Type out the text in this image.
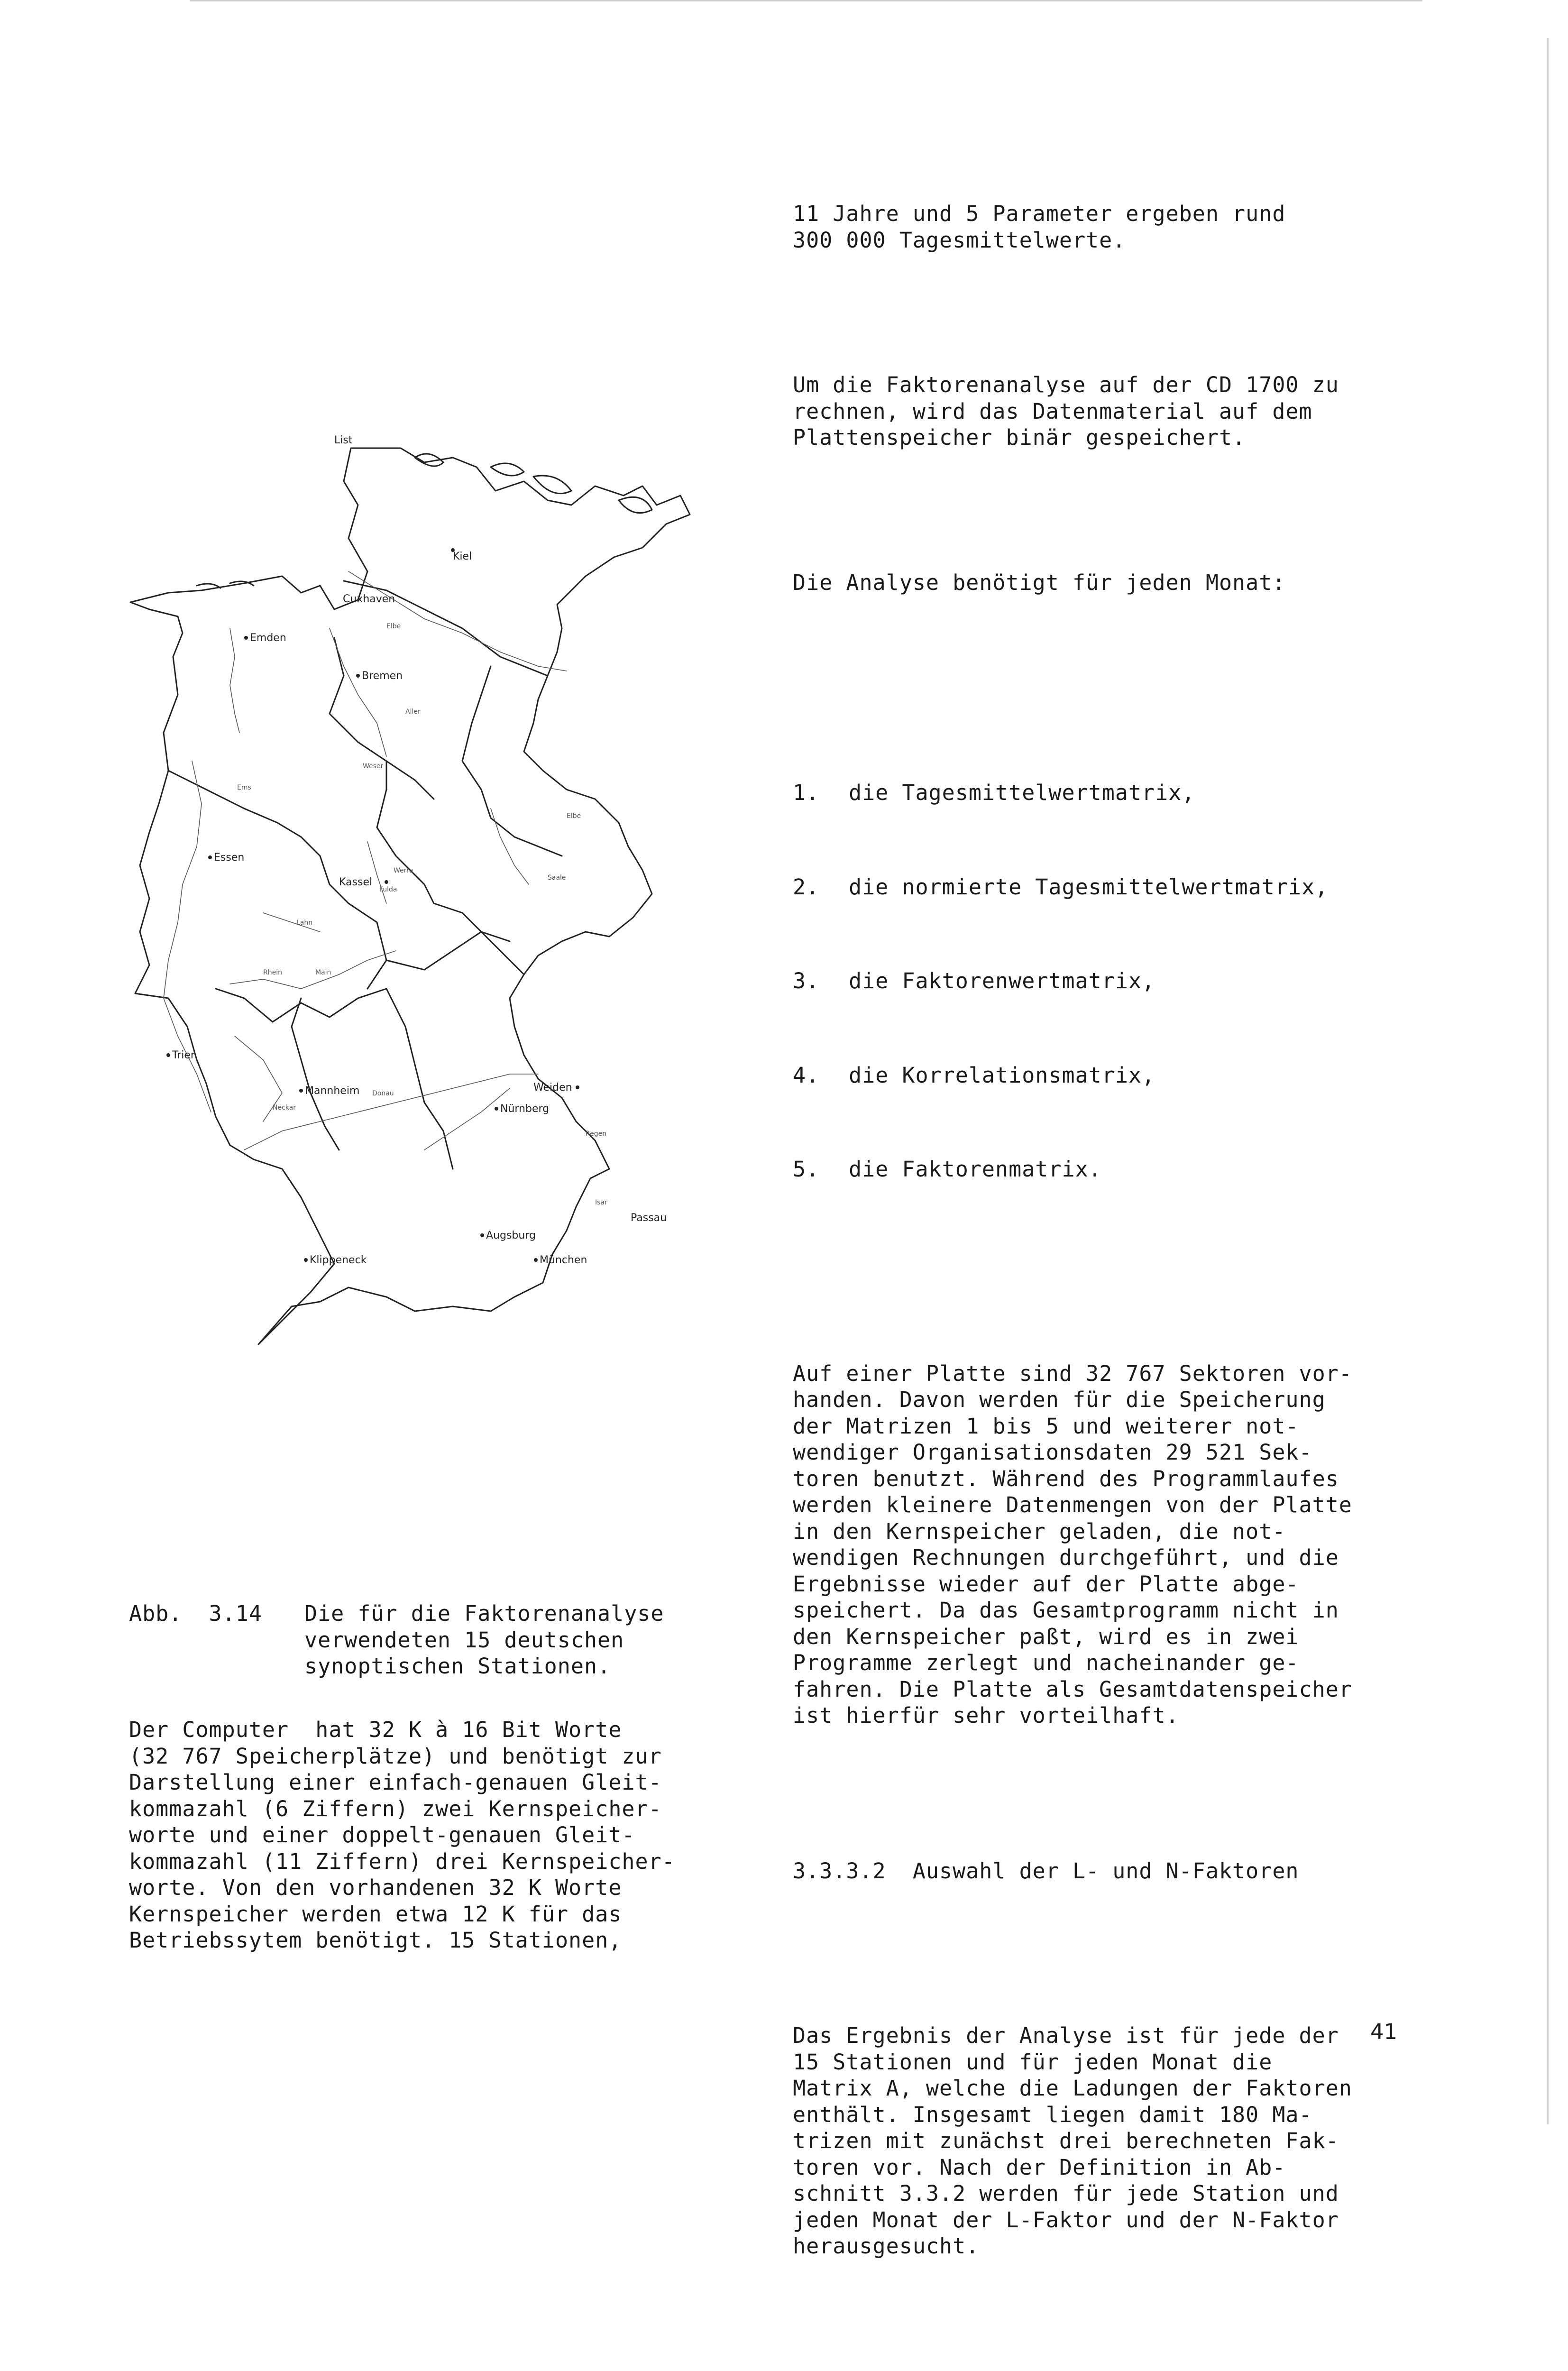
11 Jahre und 5 Parameter ergeben rund
300 000 Tagesmittelwerte.

Um die Faktorenanalyse auf der CD 1700 zu
rechnen, wird das Datenmaterial auf dem
Plattenspeicher binär gespeichert.

Die Analyse benötigt für jeden Monat:

1. die Tagesmittelwertmatrix,

2. die normierte Tagesmittelwertmatrix,

3. die Faktorenwertmatrix,

4. die Korrelationsmatrix,

5. die Faktorenmatrix.

Auf einer Platte sind 32 767 Sektoren vor-
handen. Davon werden für die Speicherung
der Matrizen 1 bis 5 und weiterer not-
wendiger Organisationsdaten 29 521 Sek-
toren benutzt. Während des Programmlaufes
werden kleinere Datenmengen von der Platte
in den Kernspeicher geladen, die not-
wendigen Rechnungen durchgeführt, und die
Ergebnisse wieder auf der Platte abge-
speichert. Da das Gesamtprogramm nicht in
den Kernspeicher paßt, wird es in zwei
Programme zerlegt und nacheinander ge-
fahren. Die Platte als Gesamtdatenspeicher
ist hierfür sehr vorteilhaft.

3.3.3.2  Auswahl der L- und N-Faktoren

Das Ergebnis der Analyse ist für jede der
15 Stationen und für jeden Monat die
Matrix A, welche die Ladungen der Faktoren
enthält. Insgesamt liegen damit 180 Ma-
trizen mit zunächst drei berechneten Fak-
toren vor. Nach der Definition in Ab-
schnitt 3.3.2 werden für jede Station und
jeden Monat der L-Faktor und der N-Faktor
herausgesucht.

Elbe
Aller
Weser
Ems
Elbe
Saale
Fulda
Werra
Lahn
Rhein	Main
Neckar
Donau
Regen
Isar
List
Kiel
Cuxhaven
Emden
Bremen
Essen
Kassel
Trier
Mannheim	Weiden
Nürnberg
Passau
Augsburg
Klippeneck	München
Abb.  3.14 Die für die Faktorenanalyse
verwendeten 15 deutschen
synoptischen Stationen.
Der Computer  hat 32 K à 16 Bit Worte
(32 767 Speicherplätze) und benötigt zur
Darstellung einer einfach-genauen Gleit-
kommazahl (6 Ziffern) zwei Kernspeicher-
worte und einer doppelt-genauen Gleit-
kommazahl (11 Ziffern) drei Kernspeicher-
worte. Von den vorhandenen 32 K Worte
Kernspeicher werden etwa 12 K für das
Betriebssytem benötigt. 15 Stationen,
41
